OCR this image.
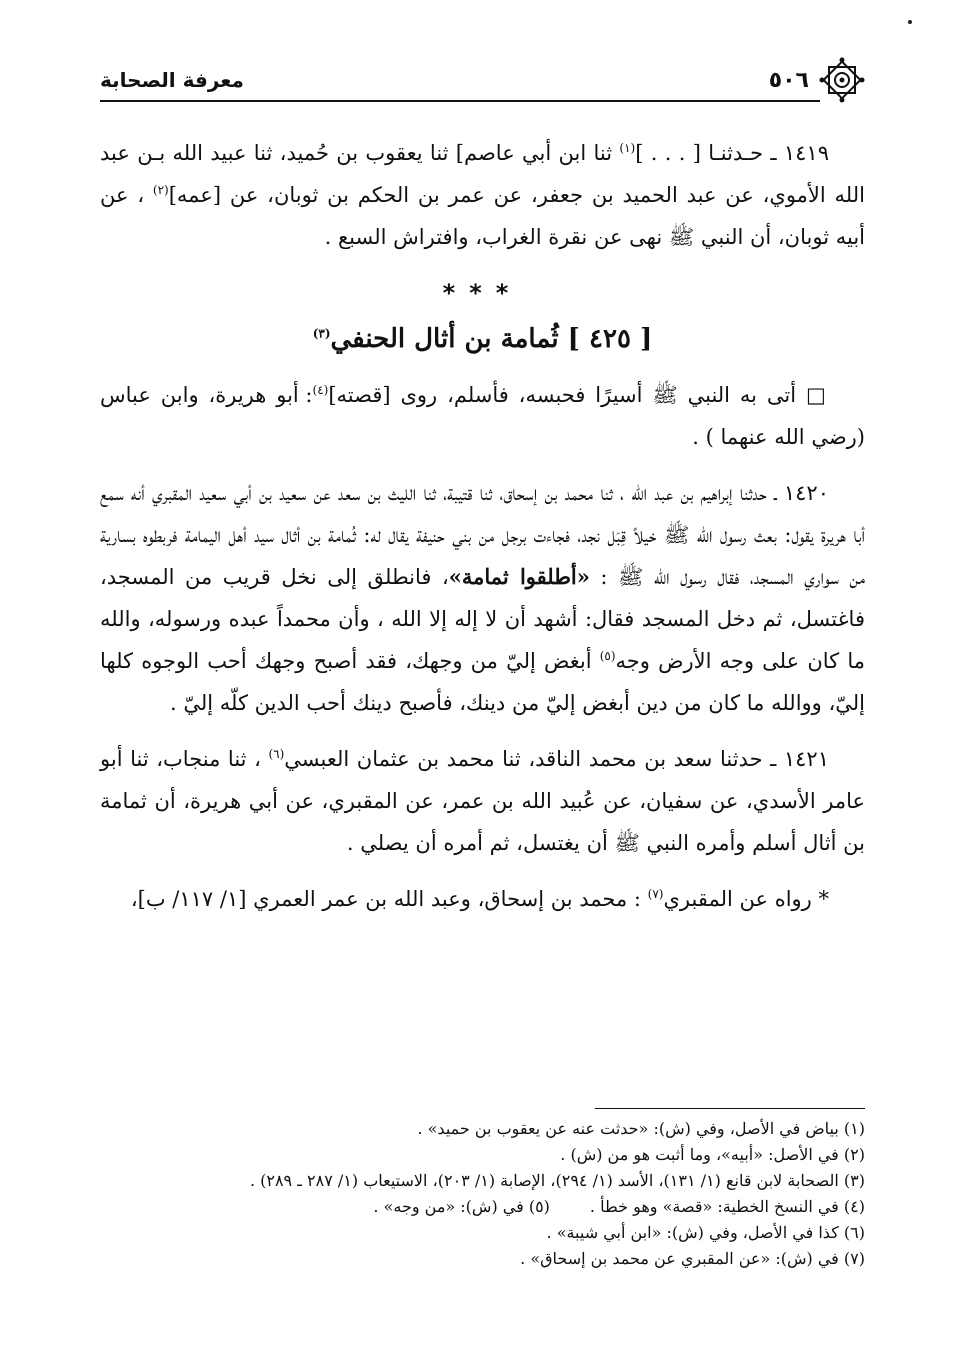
٥٠٦
معرفة الصحابة

١٤١٩ ـ حـدثنـا [ . . . ]$^{(١)}$ ثنا ابن أبي عاصم] ثنا يعقوب بن حُميد، ثنا عبيد الله بـن عبد الله الأموي، عن عبد الحميد بن جعفر، عن عمر بن الحكم بن ثوبان، عن [عمه]$^{(٢)}$ ، عن أبيه ثوبان، أن النبي ﷺ نهى عن نقرة الغراب، وافتراش السبع .

***
[ ٤٢٥ ] ثُمامة بن أثال الحنفي$^{(٣)}$

□ أتى به النبي ﷺ أسيرًا فحبسه، فأسلم، روى [قصته]$^{(٤)}$: أبو هريرة، وابن عباس (رضي الله عنهما ) .

١٤٢٠ ـ حدثنا إبراهيم بن عبد الله ، ثنا محمد بن إسحاق، ثنا قتيبة، ثنا الليث بن سعد عن سعيد بن أبي سعيد المقبري أنه سمع أبا هريرة يقول: بعث رسول الله ﷺ خيلاً قِبَل نجد، فجاءت برجل من بني حنيفة يقال له: ثُمامة بن أثال سيد أهل اليمامة فربطوه بسارية من سواري المسجد، فقال رسول الله ﷺ : «أطلقوا ثمامة»، فانطلق إلى نخل قريب من المسجد، فاغتسل، ثم دخل المسجد فقال: أشهد أن لا إله إلا الله ، وأن محمداً عبده ورسوله، والله ما كان على وجه الأرض وجه$^{(٥)}$ أبغض إليّ من وجهك، فقد أصبح وجهك أحب الوجوه كلها إليّ، ووالله ما كان من دين أبغض إليّ من دينك، فأصبح دينك أحب الدين كلّه إليّ .

١٤٢١ ـ حدثنا سعد بن محمد الناقد، ثنا محمد بن عثمان العبسي$^{(٦)}$ ، ثنا منجاب، ثنا أبو عامر الأسدي، عن سفيان، عن عُبيد الله بن عمر، عن المقبري، عن أبي هريرة، أن ثمامة بن أثال أسلم وأمره النبي ﷺ أن يغتسل، ثم أمره أن يصلي .

* رواه عن المقبري$^{(٧)}$ : محمد بن إسحاق، وعبد الله بن عمر العمري [١/ ١١٧/ ب]،

(١) بياض في الأصل، وفي (ش): «حدثت عنه عن يعقوب بن حميد» .

(٢) في الأصل: «أبيه»، وما أثبت هو من (ش) .

(٣) الصحابة لابن قانع (١/ ١٣١)، الأسد (١/ ٢٩٤)، الإصابة (١/ ٢٠٣)، الاستيعاب (١/ ٢٨٧ ـ ٢٨٩) .

(٤) في النسخ الخطية: «قصة» وهو خطأ .(٥) في (ش): «من وجه» .

(٦) كذا في الأصل، وفي (ش): «ابن أبي شيبة» .

(٧) في (ش): «عن المقبري عن محمد بن إسحاق» .
